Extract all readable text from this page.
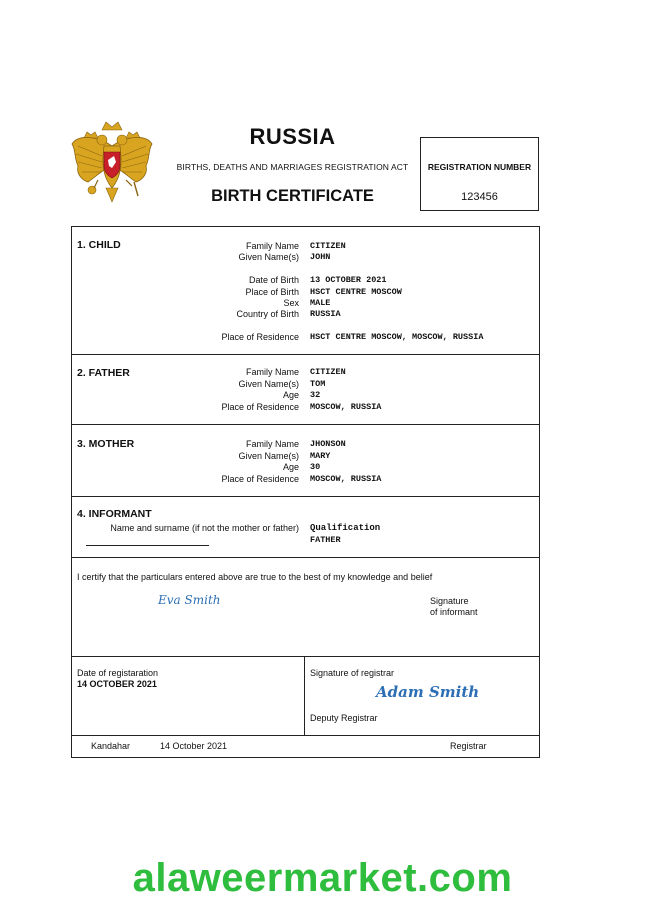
RUSSIA
BIRTHS, DEATHS AND MARRIAGES REGISTRATION ACT
BIRTH CERTIFICATE
REGISTRATION NUMBER
123456
1. CHILD	Family Name CITIZEN
Given Name(s) JOHN
Date of Birth 13 OCTOBER 2021
Place of Birth HSCT CENTRE MOSCOW
Sex MALE
Country of Birth RUSSIA
Place of Residence HSCT CENTRE MOSCOW, MOSCOW, RUSSIA
2. FATHER	Family Name CITIZEN
Given Name(s) TOM
Age 32
Place of Residence MOSCOW, RUSSIA
3. MOTHER	Family Name JHONSON
Given Name(s) MARY
Age 30
Place of Residence MOSCOW, RUSSIA
4. INFORMANT
Name and surname (if not the mother or father) Qualification
FATHER
I certify that the particulars entered above are true to the best of my knowledge and belief
Eva Smith	Signature
of informant
Date of registaration
14 OCTOBER 2021
Signature of registrar
Adam Smith
Deputy Registrar
Kandahar	14 October 2021	Registrar
alaweermarket.com
